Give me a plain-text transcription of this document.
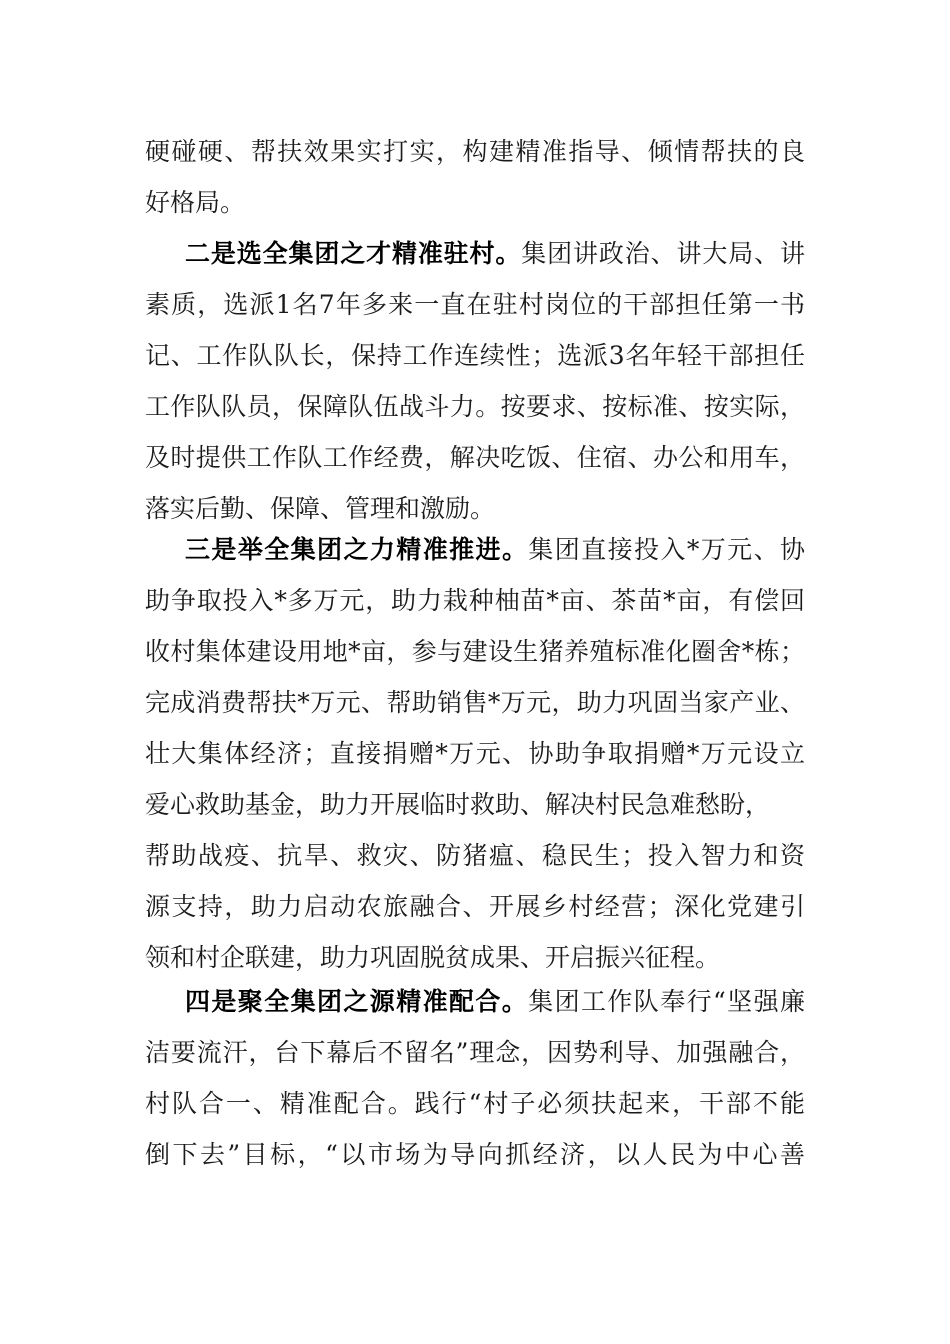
硬碰硬、帮扶效果实打实，构建精准指导、倾情帮扶的良
好格局。
二是选全集团之才精准驻村。集团讲政治、讲大局、讲
素质，选派1名7年多来一直在驻村岗位的干部担任第一书
记、工作队队长，保持工作连续性；选派3名年轻干部担任
工作队队员，保障队伍战斗力。按要求、按标准、按实际，
及时提供工作队工作经费，解决吃饭、住宿、办公和用车，
落实后勤、保障、管理和激励。
三是举全集团之力精准推进。集团直接投入*万元、协
助争取投入*多万元，助力栽种柚苗*亩、茶苗*亩，有偿回
收村集体建设用地*亩，参与建设生猪养殖标准化圈舍*栋；
完成消费帮扶*万元、帮助销售*万元，助力巩固当家产业、
壮大集体经济；直接捐赠*万元、协助争取捐赠*万元设立
爱心救助基金，助力开展临时救助、解决村民急难愁盼，
帮助战疫、抗旱、救灾、防猪瘟、稳民生；投入智力和资
源支持，助力启动农旅融合、开展乡村经营；深化党建引
领和村企联建，助力巩固脱贫成果、开启振兴征程。
四是聚全集团之源精准配合。集团工作队奉行“坚强廉
洁要流汗，台下幕后不留名”理念，因势利导、加强融合，
村队合一、精准配合。践行“村子必须扶起来，干部不能
倒下去”目标，“以市场为导向抓经济，以人民为中心善
